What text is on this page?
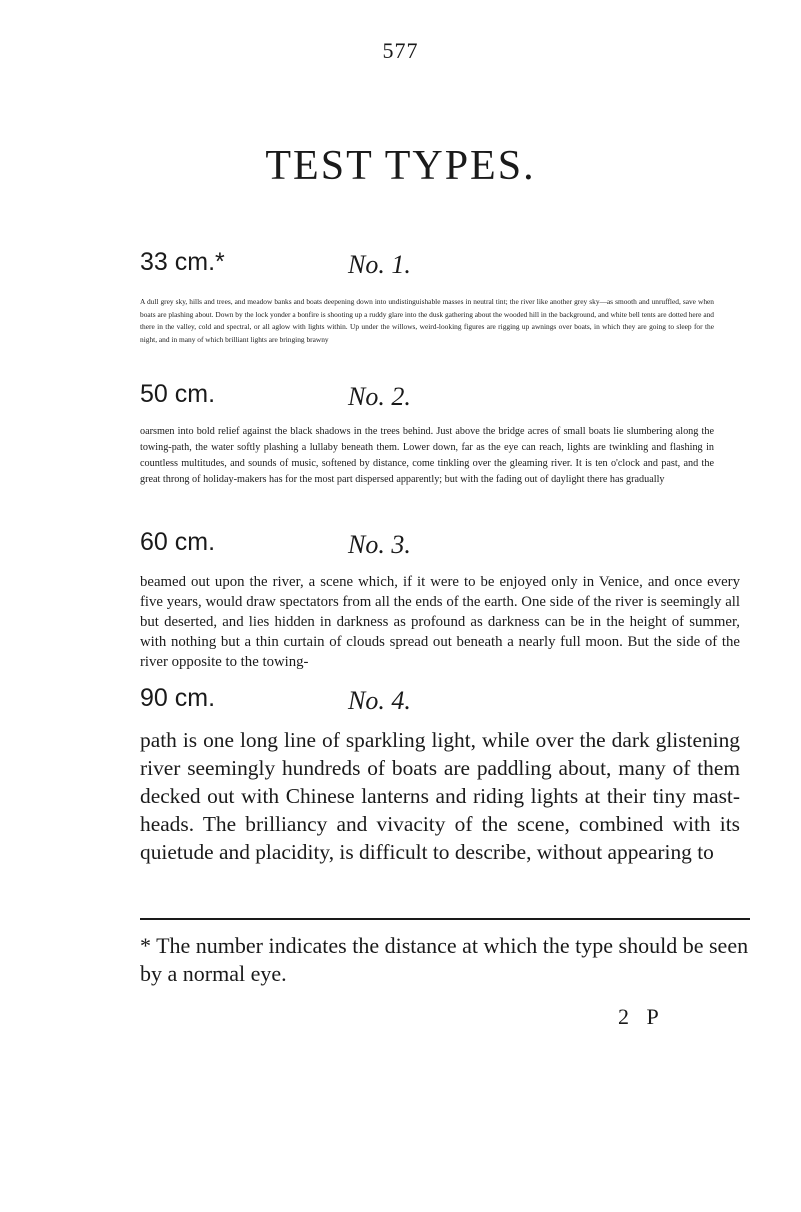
577
TEST TYPES.
33 cm.*	No. 1.

A dull grey sky, hills and trees, and meadow banks and boats deepening down into undistinguishable masses in neutral tint; the river like another grey sky—as smooth and unruffled, save when boats are plashing about. Down by the lock yonder a bonfire is shooting up a ruddy glare into the dusk gathering about the wooded hill in the background, and white bell tents are dotted here and there in the valley, cold and spectral, or all aglow with lights within. Up under the willows, weird-looking figures are rigging up awnings over boats, in which they are going to sleep for the night, and in many of which brilliant lights are bringing brawny

50 cm.	No. 2.

oarsmen into bold relief against the black shadows in the trees behind. Just above the bridge acres of small boats lie slumbering along the towing-path, the water softly plashing a lullaby beneath them. Lower down, far as the eye can reach, lights are twinkling and flashing in countless multitudes, and sounds of music, softened by distance, come tinkling over the gleaming river. It is ten o'clock and past, and the great throng of holiday-makers has for the most part dispersed apparently; but with the fading out of daylight there has gradually

60 cm.	No. 3.

beamed out upon the river, a scene which, if it were to be enjoyed only in Venice, and once every five years, would draw spectators from all the ends of the earth. One side of the river is seemingly all but deserted, and lies hidden in darkness as profound as darkness can be in the height of summer, with nothing but a thin curtain of clouds spread out beneath a nearly full moon. But the side of the river opposite to the towing-

90 cm.	No. 4.

path is one long line of sparkling light, while over the dark glistening river seemingly hundreds of boats are paddling about, many of them decked out with Chinese lanterns and riding lights at their tiny mast-heads. The brilliancy and vivacity of the scene, combined with its quietude and placidity, is difficult to describe, without appearing to

* The number indicates the distance at which the type should be seen by a normal eye.

2 P
